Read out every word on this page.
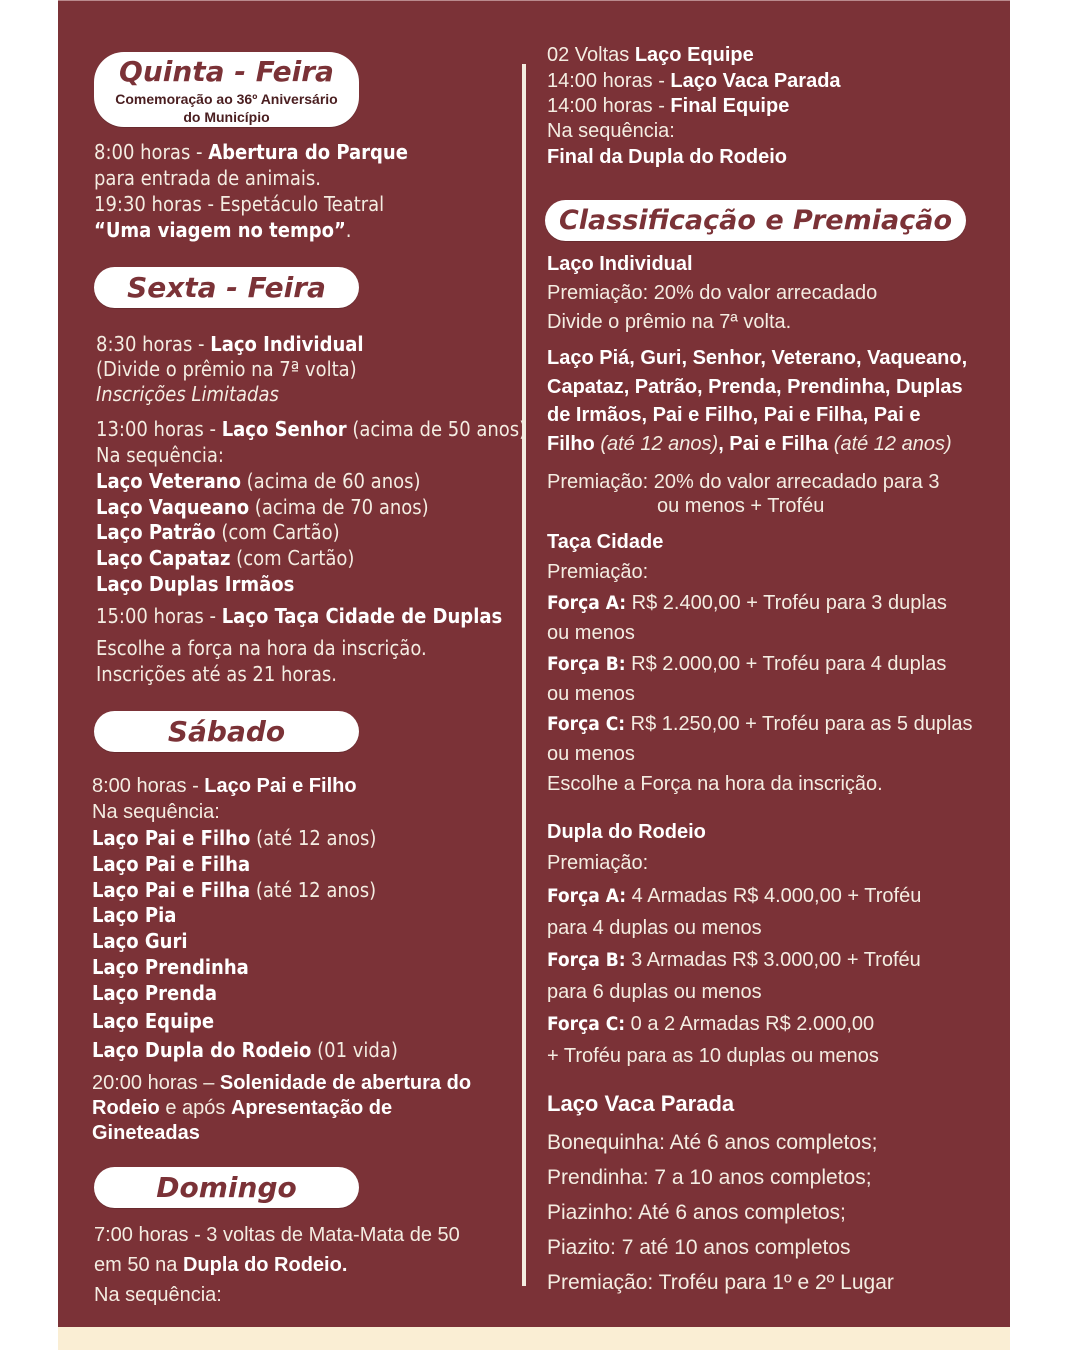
Quinta - Feira
Comemoração ao 36º Aniversário
do Município
8:00 horas - Abertura do Parque
para entrada de animais.
19:30 horas - Espetáculo Teatral
“Uma viagem no tempo”.
Sexta - Feira
8:30 horas - Laço Individual
(Divide o prêmio na 7ª volta)
Inscrições Limitadas
13:00 horas - Laço Senhor (acima de 50 anos)
Na sequência:
Laço Veterano (acima de 60 anos)
Laço Vaqueano (acima de 70 anos)
Laço Patrão (com Cartão)
Laço Capataz (com Cartão)
Laço Duplas Irmãos
15:00 horas - Laço Taça Cidade de Duplas
Escolhe a força na hora da inscrição.
Inscrições até as 21 horas.
Sábado
8:00 horas - Laço Pai e Filho
Na sequência:
Laço Pai e Filho (até 12 anos)
Laço Pai e Filha
Laço Pai e Filha (até 12 anos)
Laço Pia
Laço Guri
Laço Prendinha
Laço Prenda
Laço Equipe
Laço Dupla do Rodeio (01 vida)
20:00 horas – Solenidade de abertura do
Rodeio e após Apresentação de
Gineteadas
Domingo
7:00 horas - 3 voltas de Mata-Mata de 50
em 50 na Dupla do Rodeio.
Na sequência:
02 Voltas Laço Equipe
14:00 horas - Laço Vaca Parada
14:00 horas - Final Equipe
Na sequência:
Final da Dupla do Rodeio
Classificação e Premiação
Laço Individual
Premiação: 20% do valor arrecadado
Divide o prêmio na 7ª volta.
Laço Piá, Guri, Senhor, Veterano, Vaqueano,
Capataz, Patrão, Prenda, Prendinha, Duplas
de Irmãos, Pai e Filho, Pai e Filha, Pai e
Filho (até 12 anos), Pai e Filha (até 12 anos)
Premiação: 20% do valor arrecadado para 3
ou menos + Troféu
Taça Cidade
Premiação:
Força A: R$ 2.400,00 + Troféu para 3 duplas
ou menos
Força B: R$ 2.000,00 + Troféu para 4 duplas
ou menos
Força C: R$ 1.250,00 + Troféu para as 5 duplas
ou menos
Escolhe a Força na hora da inscrição.
Dupla do Rodeio
Premiação:
Força A: 4 Armadas R$ 4.000,00 + Troféu
para 4 duplas ou menos
Força B: 3 Armadas R$ 3.000,00 + Troféu
para 6 duplas ou menos
Força C: 0 a 2 Armadas R$ 2.000,00
+ Troféu para as 10 duplas ou menos
Laço Vaca Parada
Bonequinha: Até 6 anos completos;
Prendinha: 7 a 10 anos completos;
Piazinho: Até 6 anos completos;
Piazito: 7 até 10 anos completos
Premiação: Troféu para 1º e 2º Lugar
